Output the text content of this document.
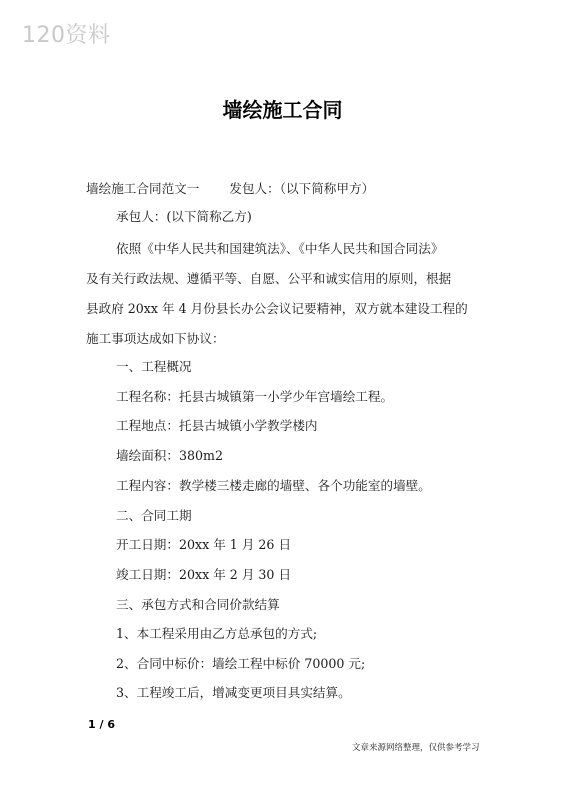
120资料
墙绘施工合同
墙绘施工合同范文一 发包人：（以下简称甲方）
承包人：(以下简称乙方)
依照《中华人民共和国建筑法》、《中华人民共和国合同法》
及有关行政法规、遵循平等、自愿、公平和诚实信用的原则，根据
县政府 20xx 年 4 月份县长办公会议记要精神，双方就本建设工程的
施工事项达成如下协议：
一、工程概况
工程名称：托县古城镇第一小学少年宫墙绘工程。
工程地点：托县古城镇小学教学楼内
墙绘面积：380m2
工程内容：教学楼三楼走廊的墙壁、各个功能室的墙壁。
二、合同工期
开工日期：20xx 年 1 月 26 日
竣工日期：20xx 年 2 月 30 日
三、承包方式和合同价款结算
1、本工程采用由乙方总承包的方式;
2、合同中标价：墙绘工程中标价 70000 元;
3、工程竣工后，增减变更项目具实结算。
1 / 6
文章来源网络整理，仅供参考学习
